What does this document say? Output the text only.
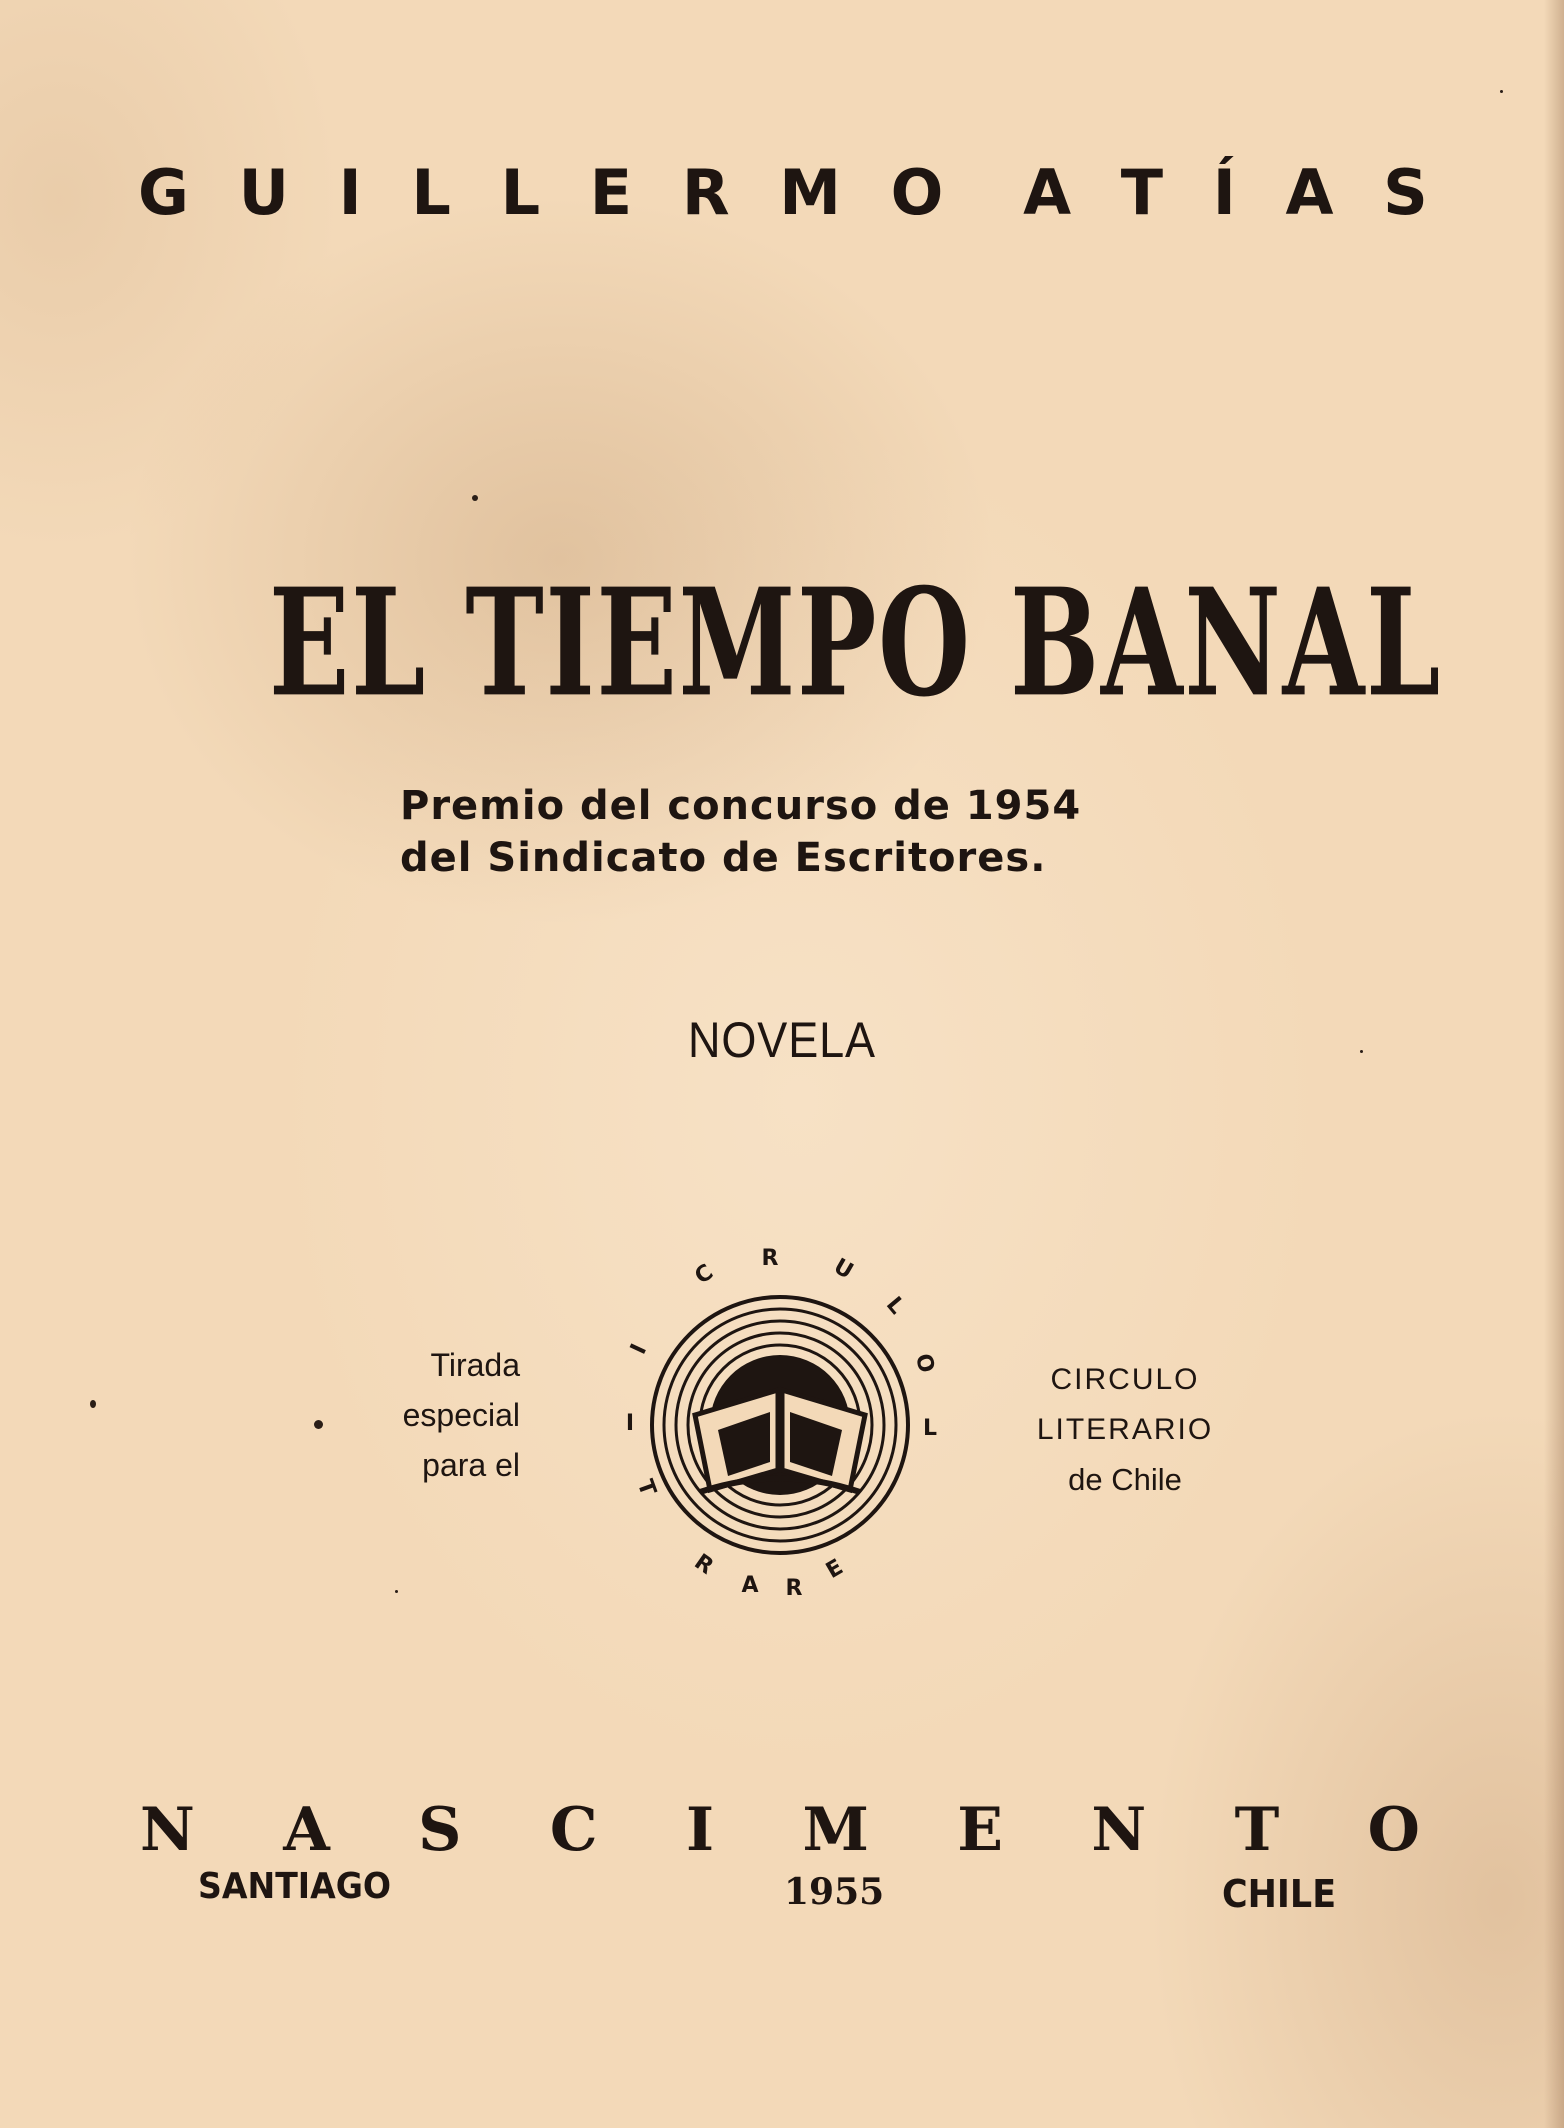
G U I L L E R M O A T Í A S
EL TIEMPO BANAL
Premio del concurso de 1954
del Sindicato de Escritores.
NOVELA
Tirada
especial
para el
C
R U
L
O
L
E
R
A
R
T
I
I
CIRCULO
LITERARIO
de Chile
N A S C I M E N T O
SANTIAGO	1955	CHILE
